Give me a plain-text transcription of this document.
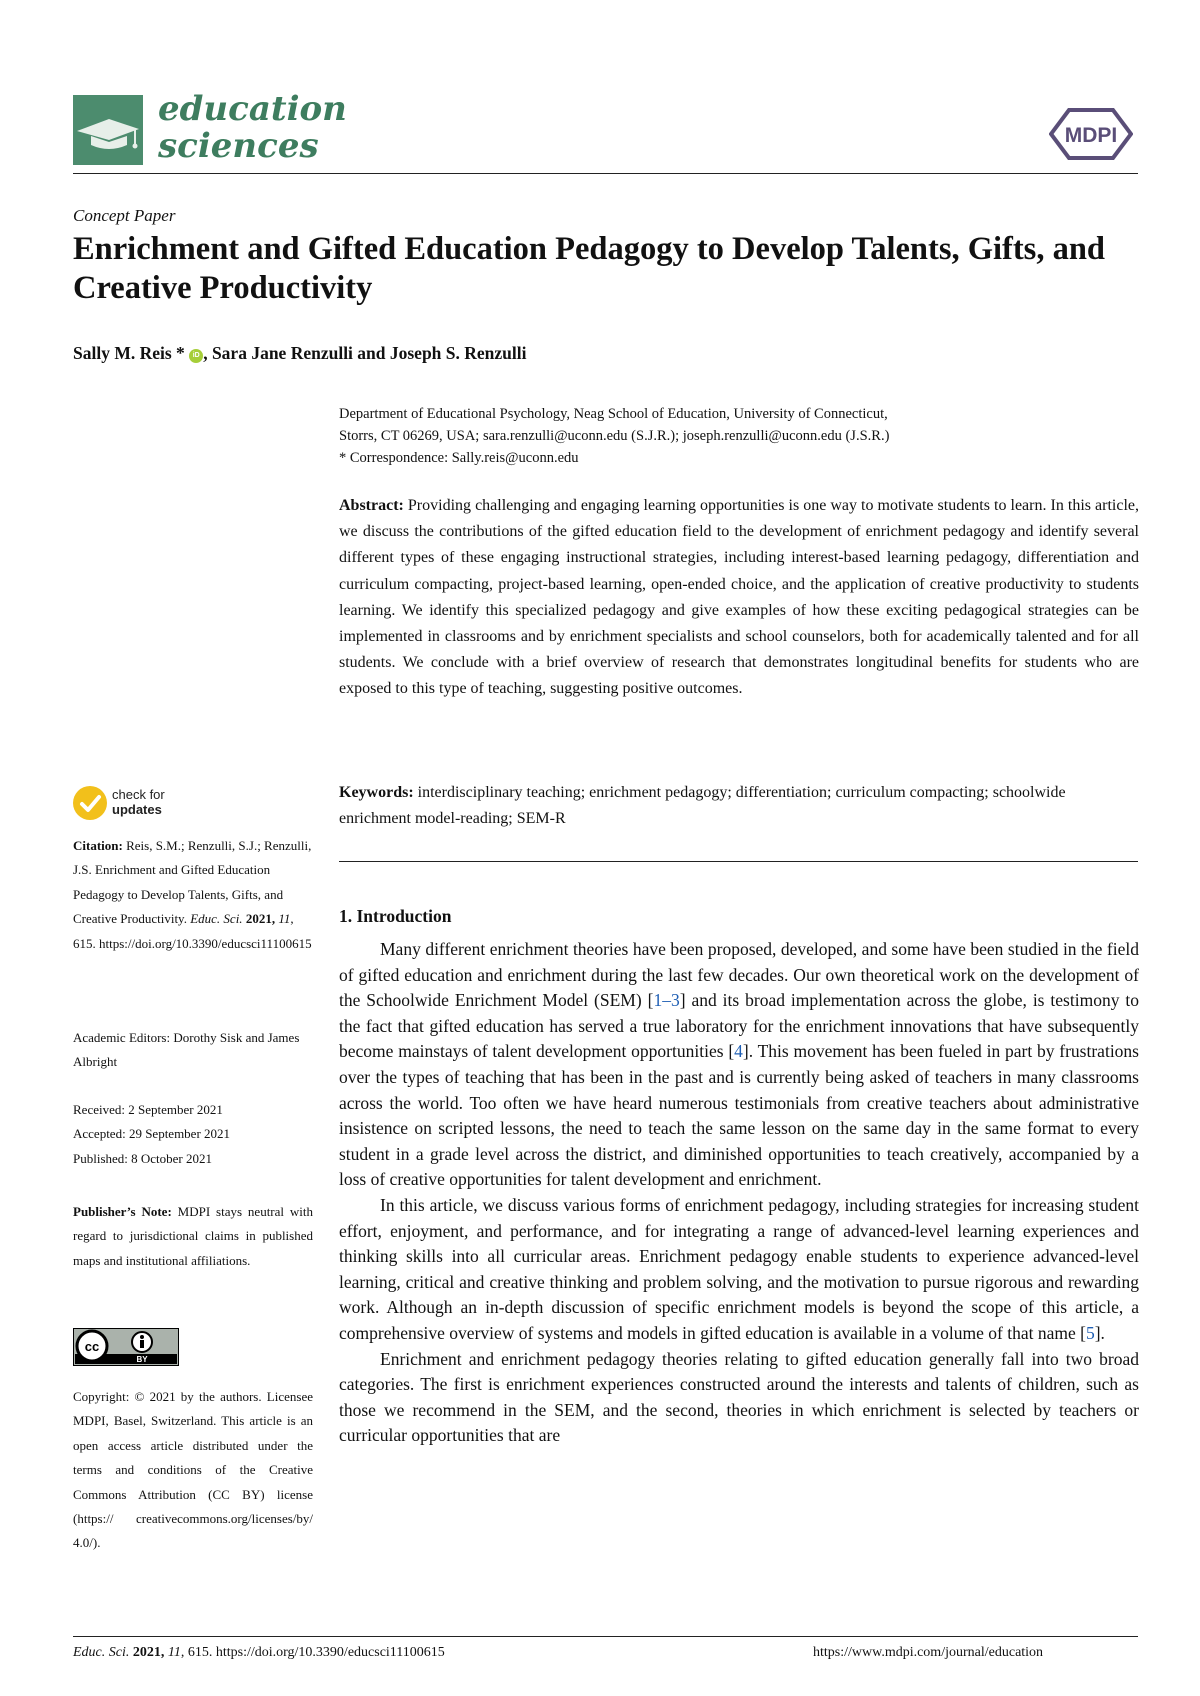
education
sciences	MDPI
Concept Paper
Enrichment and Gifted Education Pedagogy to Develop Talents, Gifts, and Creative Productivity
Sally M. Reis * iD , Sara Jane Renzulli and Joseph S. Renzulli
Department of Educational Psychology, Neag School of Education, University of Connecticut,
Storrs, CT 06269, USA; sara.renzulli@uconn.edu (S.J.R.); joseph.renzulli@uconn.edu (J.S.R.)
* Correspondence: Sally.reis@uconn.edu
Abstract: Providing challenging and engaging learning opportunities is one way to motivate students to learn. In this article, we discuss the contributions of the gifted education field to the development of enrichment pedagogy and identify several different types of these engaging instructional strategies, including interest-based learning pedagogy, differentiation and curriculum compacting, project-based learning, open-ended choice, and the application of creative productivity to students learning. We identify this specialized pedagogy and give examples of how these exciting pedagogical strategies can be implemented in classrooms and by enrichment specialists and school counselors, both for academically talented and for all students. We conclude with a brief overview of research that demonstrates longitudinal benefits for students who are exposed to this type of teaching, suggesting positive outcomes.
Keywords: interdisciplinary teaching; enrichment pedagogy; differentiation; curriculum compacting; schoolwide enrichment model-reading; SEM-R
1. Introduction

Many different enrichment theories have been proposed, developed, and some have been studied in the field of gifted education and enrichment during the last few decades. Our own theoretical work on the development of the Schoolwide Enrichment Model (SEM) [1–3] and its broad implementation across the globe, is testimony to the fact that gifted education has served a true laboratory for the enrichment innovations that have subsequently become mainstays of talent development opportunities [4]. This movement has been fueled in part by frustrations over the types of teaching that has been in the past and is currently being asked of teachers in many classrooms across the world. Too often we have heard numerous testimonials from creative teachers about administrative insistence on scripted lessons, the need to teach the same lesson on the same day in the same format to every student in a grade level across the district, and diminished opportunities to teach creatively, accompanied by a loss of creative opportunities for talent development and enrichment.

In this article, we discuss various forms of enrichment pedagogy, including strategies for increasing student effort, enjoyment, and performance, and for integrating a range of advanced-level learning experiences and thinking skills into all curricular areas. Enrichment pedagogy enable students to experience advanced-level learning, critical and creative thinking and problem solving, and the motivation to pursue rigorous and rewarding work. Although an in-depth discussion of specific enrichment models is beyond the scope of this article, a comprehensive overview of systems and models in gifted education is available in a volume of that name [5].

Enrichment and enrichment pedagogy theories relating to gifted education generally fall into two broad categories. The first is enrichment experiences constructed around the interests and talents of children, such as those we recommend in the SEM, and the second, theories in which enrichment is selected by teachers or curricular opportunities that are

check for
updates
Citation: Reis, S.M.; Renzulli, S.J.; Renzulli, J.S. Enrichment and Gifted Education Pedagogy to Develop Talents, Gifts, and Creative Productivity. Educ. Sci. 2021, 11, 615. https://doi.org/10.3390/educsci11100615
Academic Editors: Dorothy Sisk and James Albright
Received: 2 September 2021
Accepted: 29 September 2021
Published: 8 October 2021
Publisher’s Note: MDPI stays neutral with regard to jurisdictional claims in published maps and institutional affiliations.
cc
BY
Copyright: © 2021 by the authors. Licensee MDPI, Basel, Switzerland. This article is an open access article distributed under the terms and conditions of the Creative Commons Attribution (CC BY) license (https:// creativecommons.org/licenses/by/ 4.0/).
Educ. Sci. 2021, 11, 615. https://doi.org/10.3390/educsci11100615	https://www.mdpi.com/journal/education
